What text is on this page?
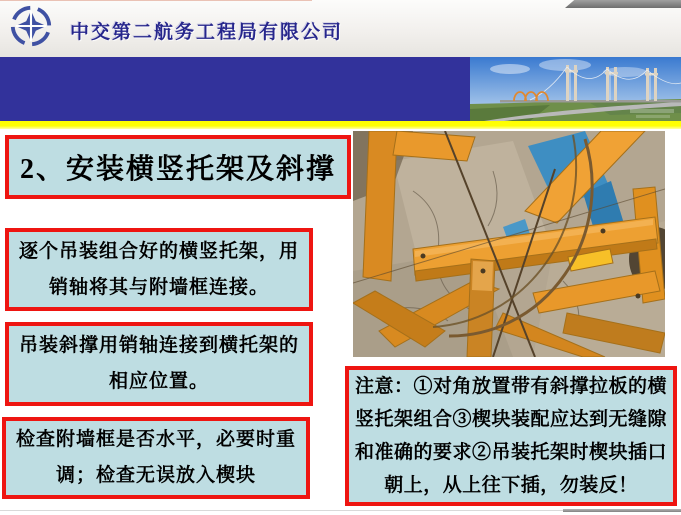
中交第二航务工程局有限公司
2、安装横竖托架及斜撑
逐个吊装组合好的横竖托架，用销轴将其与附墙框连接。
吊装斜撑用销轴连接到横托架的相应位置。
检查附墙框是否水平，必要时重调；检查无误放入楔块
注意：①对角放置带有斜撑拉板的横竖托架组合③楔块装配应达到无缝隙和准确的要求②吊装托架时楔块插口朝上，从上往下插，勿装反！
